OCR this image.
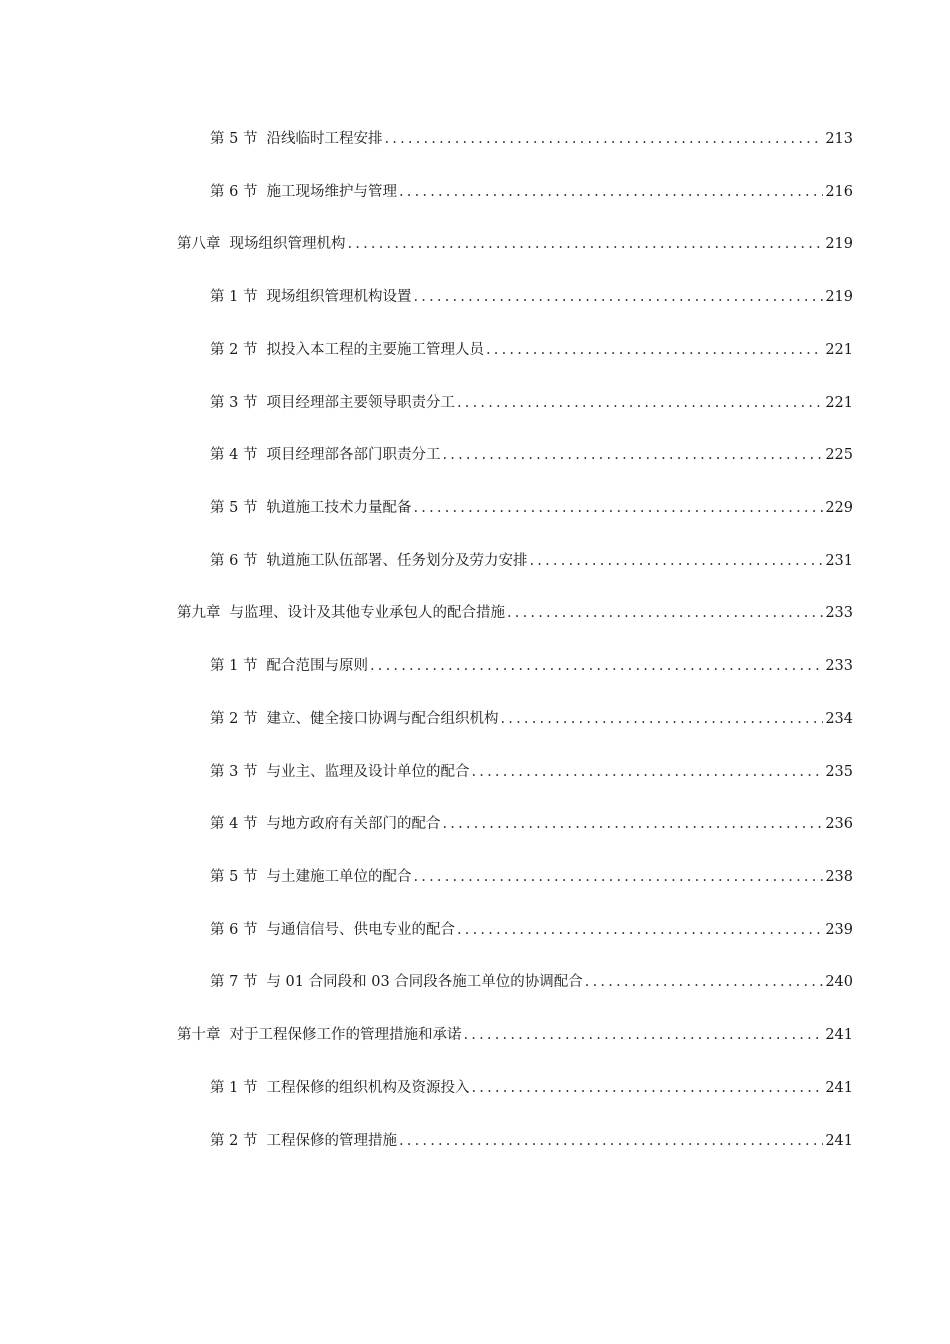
第 5 节 沿线临时工程安排 .....	213
第 6 节 施工现场维护与管理 .....	216
第八章 现场组织管理机构 .....	219
第 1 节 现场组织管理机构设置 .....	219
第 2 节 拟投入本工程的主要施工管理人员 .....	221
第 3 节 项目经理部主要领导职责分工 .....	221
第 4 节 项目经理部各部门职责分工 .....	225
第 5 节 轨道施工技术力量配备 .....	229
第 6 节 轨道施工队伍部署、任务划分及劳力安排 .....	231
第九章 与监理、设计及其他专业承包人的配合措施 .....	233
第 1 节 配合范围与原则 .....	233
第 2 节 建立、健全接口协调与配合组织机构 .....	234
第 3 节 与业主、监理及设计单位的配合 .....	235
第 4 节 与地方政府有关部门的配合 .....	236
第 5 节 与土建施工单位的配合 .....	238
第 6 节 与通信信号、供电专业的配合 .....	239
第 7 节 与 01 合同段和 03 合同段各施工单位的协调配合 .....	240
第十章 对于工程保修工作的管理措施和承诺 .....	241
第 1 节 工程保修的组织机构及资源投入 .....	241
第 2 节 工程保修的管理措施 .....	241
